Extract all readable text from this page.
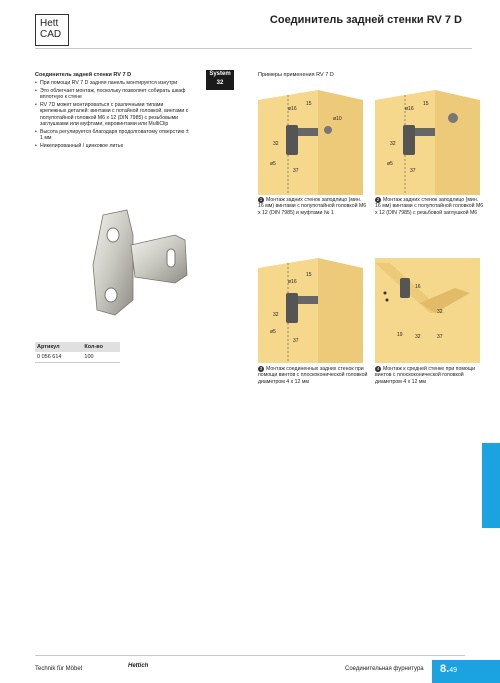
Hett
CAD
Соединитель задней стенки RV 7 D
Соединитель задней стенки RV 7 D
• При помощи RV 7 D задняя панель монтируется изнутри
• Это облегчает монтаж, поскольку позволяет собирать шкаф вплотную к стене
• RV 7D может монтироваться с различными типами крепежных деталей: винтами с потайной головкой, винтами с полупотайной головкой М6 х 12 (DIN 7985) с резьбовыми заглушками или муфтами, евровинтами или MultiClip
• Высота регулируется благодаря продолговатому отверстию ± 1 мм
• Никелированный / цинковое литье
System
32
Примеры применения RV 7 D
ø16
15
ø10
32
ø5
37
1 Монтаж задних стенок заподлицо (мин. 16 мм) винтами с полупотайной головкой М6 х 12 (DIN 7985) и муфтами № 1
ø16
15
32
ø5
37
2 Монтаж задних стенок заподлицо (мин. 16 мм) винтами с полупотайной головкой М6 х 12 (DIN 7985) с резьбовой заглушкой М6
ø16
15
32
ø5
37
3 Монтаж соединенных задних стенок при помощи винтов с плоскоконической головкой диаметром 4 х 12 мм
16
32
19 32	37
4 Монтаж к средней стенке при помощи винтов с плоскоконической головкой диаметром 4 х 12 мм
Артикул	Кол-во
0 056 614	100
Technik für Möbel	Hettich	Соединительная фурнитура 8.49
